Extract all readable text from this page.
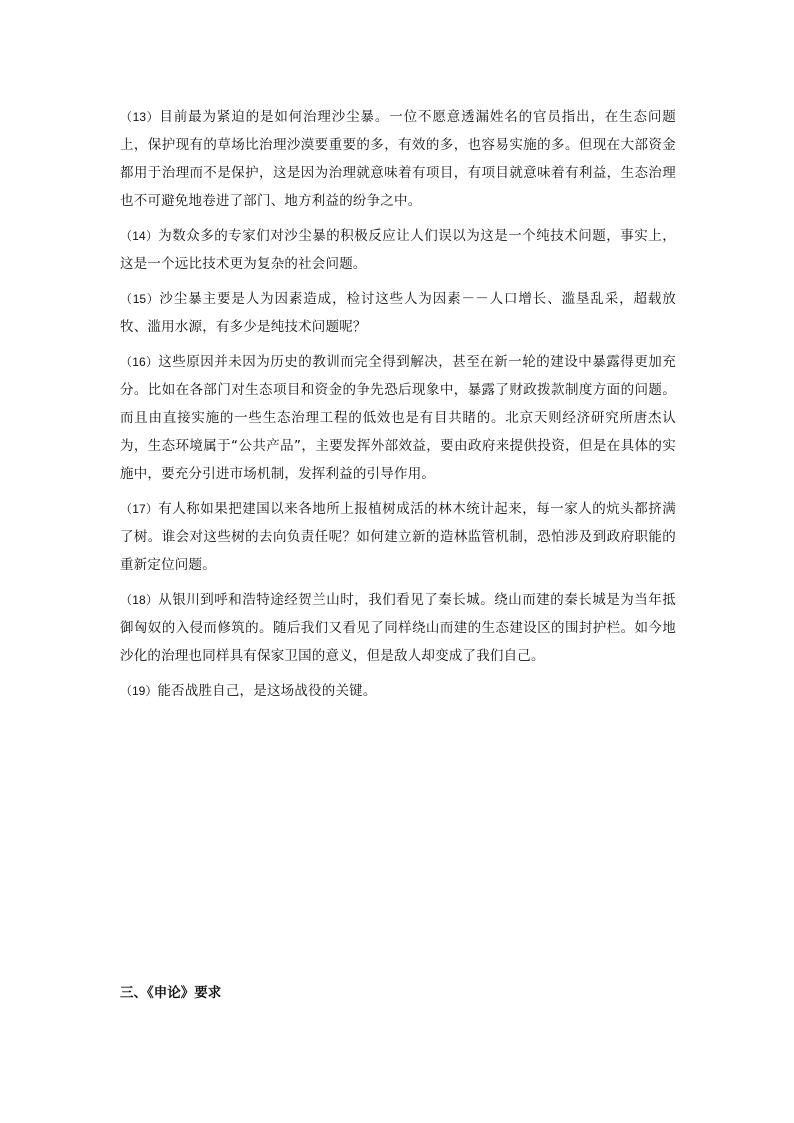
（13）目前最为紧迫的是如何治理沙尘暴。一位不愿意透漏姓名的官员指出，在生态问题上，保护现有的草场比治理沙漠要重要的多，有效的多，也容易实施的多。但现在大部资金都用于治理而不是保护，这是因为治理就意味着有项目，有项目就意味着有利益，生态治理也不可避免地卷进了部门、地方利益的纷争之中。

（14）为数众多的专家们对沙尘暴的积极反应让人们误以为这是一个纯技术问题，事实上，这是一个远比技术更为复杂的社会问题。

（15）沙尘暴主要是人为因素造成，检讨这些人为因素－－人口增长、滥垦乱采，超载放牧、滥用水源，有多少是纯技术问题呢？

（16）这些原因并未因为历史的教训而完全得到解决，甚至在新一轮的建设中暴露得更加充分。比如在各部门对生态项目和资金的争先恐后现象中，暴露了财政拨款制度方面的问题。而且由直接实施的一些生态治理工程的低效也是有目共睹的。北京天则经济研究所唐杰认为，生态环境属于“公共产品”，主要发挥外部效益，要由政府来提供投资，但是在具体的实施中，要充分引进市场机制，发挥利益的引导作用。

（17）有人称如果把建国以来各地所上报植树成活的林木统计起来，每一家人的炕头都挤满了树。谁会对这些树的去向负责任呢？如何建立新的造林监管机制，恐怕涉及到政府职能的重新定位问题。

（18）从银川到呼和浩特途经贺兰山时，我们看见了秦长城。绕山而建的秦长城是为当年抵御匈奴的入侵而修筑的。随后我们又看见了同样绕山而建的生态建设区的围封护栏。如今地沙化的治理也同样具有保家卫国的意义，但是敌人却变成了我们自己。

（19）能否战胜自己，是这场战役的关键。

三、《申论》要求
